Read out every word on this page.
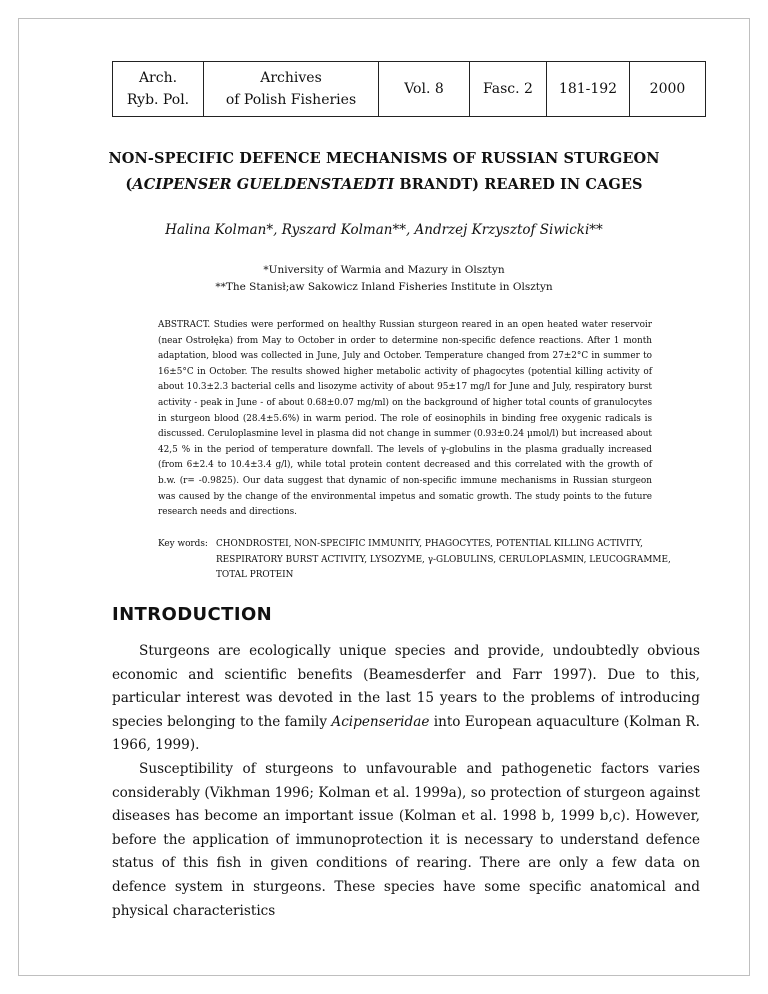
Arch.
Ryb. Pol.

Archives
of Polish Fisheries
	Vol. 8	Fasc. 2	181-192	2000
NON-SPECIFIC DEFENCE MECHANISMS OF RUSSIAN STURGEON
(ACIPENSER GUELDENSTAEDTI BRANDT) REARED IN CAGES
Halina Kolman*, Ryszard Kolman**, Andrzej Krzysztof Siwicki**
*University of Warmia and Mazury in Olsztyn
**The Stanisł;aw Sakowicz Inland Fisheries Institute in Olsztyn

ABSTRACT. Studies were performed on healthy Russian sturgeon reared in an open heated water reservoir (near Ostrołęka) from May to October in order to determine non-specific defence reactions. After 1 month adaptation, blood was collected in June, July and October. Temperature changed from 27±2°C in summer to 16±5°C in October. The results showed higher metabolic activity of phagocytes (potential killing activity of about 10.3±2.3 bacterial cells and lisozyme activity of about 95±17 mg/l for June and July, respiratory burst activity - peak in June - of about 0.68±0.07 mg/ml) on the background of higher total counts of granulocytes in sturgeon blood (28.4±5.6%) in warm period. The role of eosinophils in binding free oxygenic radicals is discussed. Ceruloplasmine level in plasma did not change in summer (0.93±0.24 μmol/l) but increased about 42,5 % in the period of temperature downfall. The levels of γ-globulins in the plasma gradually increased (from 6±2.4 to 10.4±3.4 g/l), while total protein content decreased and this correlated with the growth of b.w. (r= -0.9825). Our data suggest that dynamic of non-specific immune mechanisms in Russian sturgeon was caused by the change of the environmental impetus and somatic growth. The study points to the future research needs and directions.

Key words: CHONDROSTEI, NON-SPECIFIC IMMUNITY, PHAGOCYTES, POTENTIAL KILLING ACTIVITY, RESPIRATORY BURST ACTIVITY, LYSOZYME, γ-GLOBULINS, CERULOPLASMIN, LEUCOGRAMME, TOTAL PROTEIN
INTRODUCTION

Sturgeons are ecologically unique species and provide, undoubtedly obvious economic and scientific benefits (Beamesderfer and Farr 1997). Due to this, particular interest was devoted in the last 15 years to the problems of introducing species belonging to the family Acipenseridae into European aquaculture (Kolman R. 1966, 1999).

Susceptibility of sturgeons to unfavourable and pathogenetic factors varies considerably (Vikhman 1996; Kolman et al. 1999a), so protection of sturgeon against diseases has become an important issue (Kolman et al. 1998 b, 1999 b,c). However, before the application of immunoprotection it is necessary to understand defence status of this fish in given conditions of rearing. There are only a few data on defence system in sturgeons. These species have some specific anatomical and physical characteristics
